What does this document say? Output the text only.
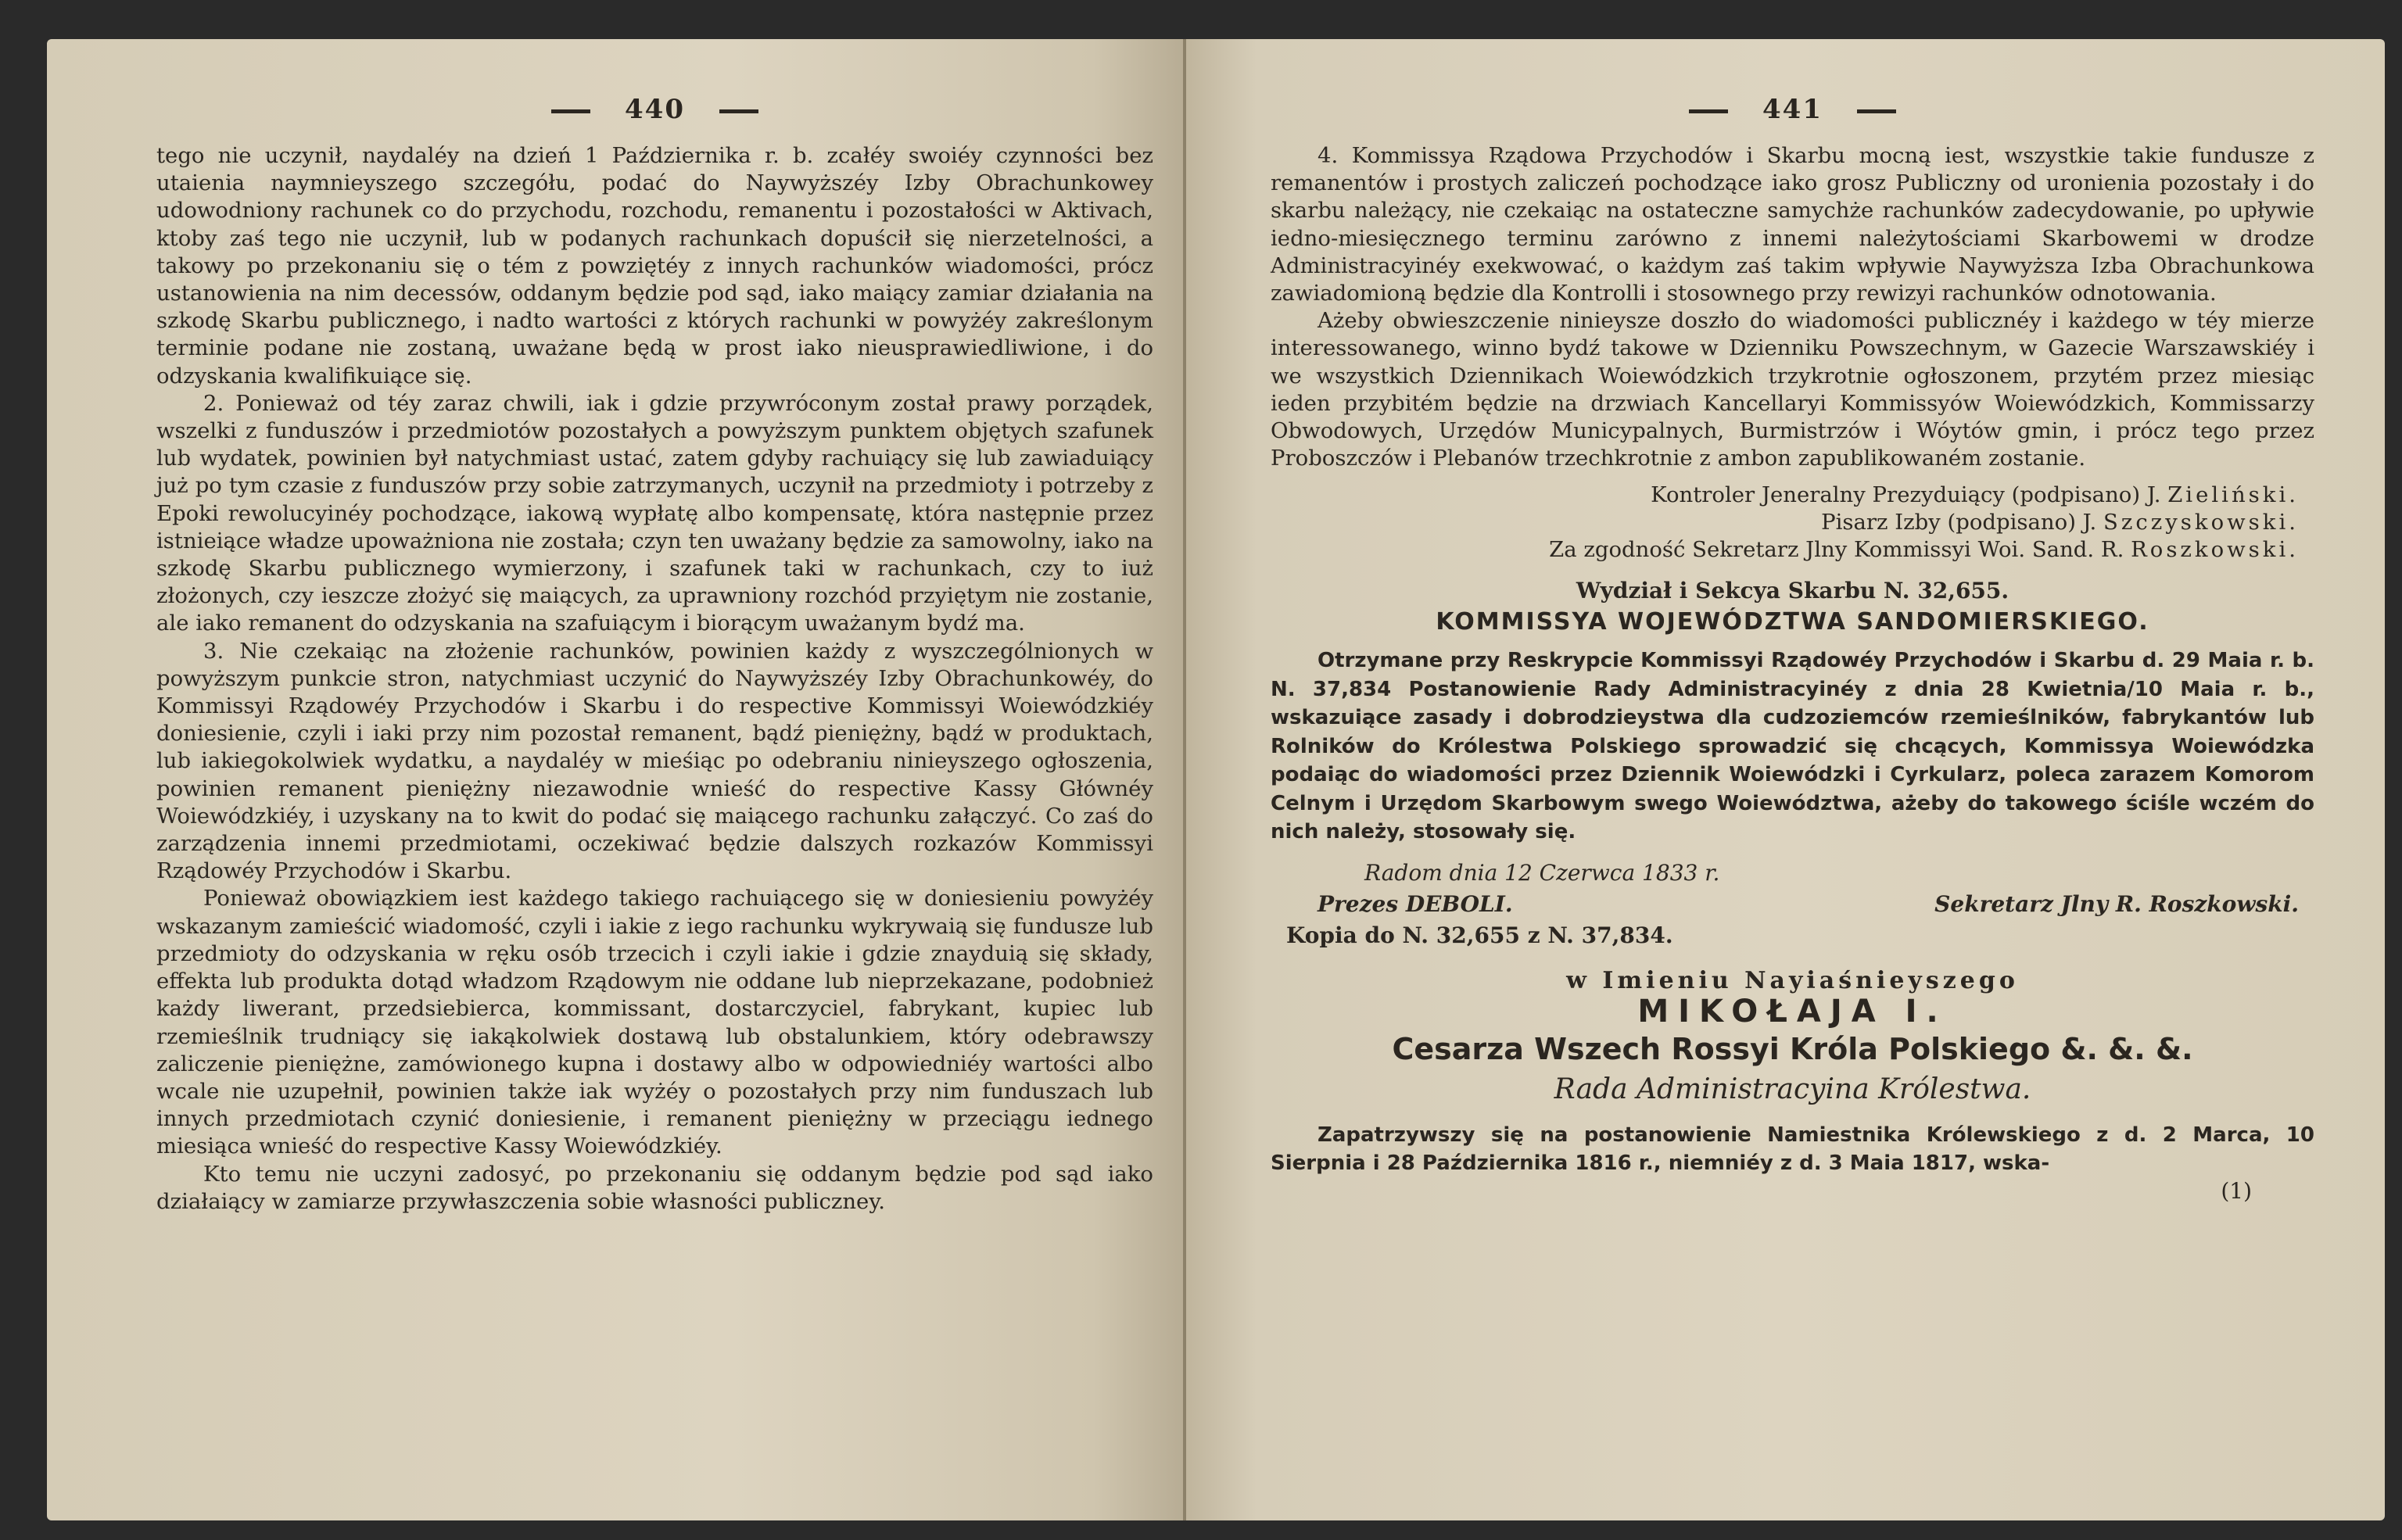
440

tego nie uczynił, naydaléy na dzień 1 Października r. b. zcałéy swoiéy czynności bez utaienia naymnieyszego szczegółu, podać do Naywyższéy Izby Obrachunkowey udowodniony rachunek co do przychodu, rozchodu, remanentu i pozostałości w Aktivach, ktoby zaś tego nie uczynił, lub w podanych rachunkach dopuścił się nierzetelności, a takowy po przekonaniu się o tém z powziętéy z innych rachunków wiadomości, prócz ustanowienia na nim decessów, oddanym będzie pod sąd, iako maiący zamiar działania na szkodę Skarbu publicznego, i nadto wartości z których rachunki w powyżéy zakreślonym terminie podane nie zostaną, uważane będą w prost iako nieusprawiedliwione, i do odzyskania kwalifikuiące się.

2. Ponieważ od téy zaraz chwili, iak i gdzie przywróconym został prawy porządek, wszelki z funduszów i przedmiotów pozostałych a powyższym punktem objętych szafunek lub wydatek, powinien był natychmiast ustać, zatem gdyby rachuiący się lub zawiaduiący już po tym czasie z funduszów przy sobie zatrzymanych, uczynił na przedmioty i potrzeby z Epoki rewolucyinéy pochodzące, iakową wypłatę albo kompensatę, która następnie przez istnieiące władze upoważniona nie została; czyn ten uważany będzie za samowolny, iako na szkodę Skarbu publicznego wymierzony, i szafunek taki w rachunkach, czy to iuż złożonych, czy ieszcze złożyć się maiących, za uprawniony rozchód przyiętym nie zostanie, ale iako remanent do odzyskania na szafuiącym i biorącym uważanym bydź ma.

3. Nie czekaiąc na złożenie rachunków, powinien każdy z wyszczególnionych w powyższym punkcie stron, natychmiast uczynić do Naywyższéy Izby Obrachunkowéy, do Kommissyi Rządowéy Przychodów i Skarbu i do respective Kommissyi Woiewódzkiéy doniesienie, czyli i iaki przy nim pozostał remanent, bądź pieniężny, bądź w produktach, lub iakiegokolwiek wydatku, a naydaléy w mieśiąc po odebraniu ninieyszego ogłoszenia, powinien remanent pieniężny niezawodnie wnieść do respective Kassy Głównéy Woiewódzkiéy, i uzyskany na to kwit do podać się maiącego rachunku załączyć. Co zaś do zarządzenia innemi przedmiotami, oczekiwać będzie dalszych rozkazów Kommissyi Rządowéy Przychodów i Skarbu.

Ponieważ obowiązkiem iest każdego takiego rachuiącego się w doniesieniu powyżéy wskazanym zamieścić wiadomość, czyli i iakie z iego rachunku wykrywaią się fundusze lub przedmioty do odzyskania w ręku osób trzecich i czyli iakie i gdzie znayduią się składy, effekta lub produkta dotąd władzom Rządowym nie oddane lub nieprzekazane, podobnież każdy liwerant, przedsiebierca, kommissant, dostarczyciel, fabrykant, kupiec lub rzemieślnik trudniący się iakąkolwiek dostawą lub obstalunkiem, który odebrawszy zaliczenie pieniężne, zamówionego kupna i dostawy albo w odpowiedniéy wartości albo wcale nie uzupełnił, powinien także iak wyżéy o pozostałych przy nim funduszach lub innych przedmiotach czynić doniesienie, i remanent pieniężny w przeciągu iednego miesiąca wnieść do respective Kassy Woiewódzkiéy.

Kto temu nie uczyni zadosyć, po przekonaniu się oddanym będzie pod sąd iako działaiący w zamiarze przywłaszczenia sobie własności publiczney.

441

4. Kommissya Rządowa Przychodów i Skarbu mocną iest, wszystkie takie fundusze z remanentów i prostych zaliczeń pochodzące iako grosz Publiczny od uronienia pozostały i do skarbu należący, nie czekaiąc na ostateczne samychże rachunków zadecydowanie, po upływie iedno-miesięcznego terminu zarówno z innemi należytościami Skarbowemi w drodze Administracyinéy exekwować, o każdym zaś takim wpływie Naywyższa Izba Obrachunkowa zawiadomioną będzie dla Kontrolli i stosownego przy rewizyi rachunków odnotowania.

Ażeby obwieszczenie ninieysze doszło do wiadomości publicznéy i każdego w téy mierze interessowanego, winno bydź takowe w Dzienniku Powszechnym, w Gazecie Warszawskiéy i we wszystkich Dziennikach Woiewódzkich trzykrotnie ogłoszonem, przytém przez miesiąc ieden przybitém będzie na drzwiach Kancellaryi Kommissyów Woiewódzkich, Kommissarzy Obwodowych, Urzędów Municypalnych, Burmistrzów i Wóytów gmin, i prócz tego przez Proboszczów i Plebanów trzechkrotnie z ambon zapublikowaném zostanie.

Kontroler Jeneralny Prezyduiący (podpisano) J. Zieliński.
Pisarz Izby (podpisano) J. Szczyskowski.
Za zgodność Sekretarz Jlny Kommissyi Woi. Sand. R. Roszkowski.
Wydział i Sekcya Skarbu N. 32,655.
KOMMISSYA WOJEWÓDZTWA SANDOMIERSKIEGO.

Otrzymane przy Reskrypcie Kommissyi Rządowéy Przychodów i Skarbu d. 29 Maia r. b. N. 37,834 Postanowienie Rady Administracyinéy z dnia 28 Kwietnia/10 Maia r. b., wskazuiące zasady i dobrodzieystwa dla cudzoziemców rzemieślników, fabrykantów lub Rolników do Królestwa Polskiego sprowadzić się chcących, Kommissya Woiewódzka podaiąc do wiadomości przez Dziennik Woiewódzki i Cyrkularz, poleca zarazem Komorom Celnym i Urzędom Skarbowym swego Woiewództwa, ażeby do takowego ściśle wczém do nich należy, stosowały się.

Radom dnia 12 Czerwca 1833 r.
Prezes DEBOLI.	Sekretarz Jlny R. Roszkowski.
Kopia do N. 32,655 z N. 37,834.
w Imieniu Nayiaśnieyszego
MIKOŁAJA I.
Cesarza Wszech Rossyi Króla Polskiego &. &. &.
Rada Administracyina Królestwa.

Zapatrzywszy się na postanowienie Namiestnika Królewskiego z d. 2 Marca, 10 Sierpnia i 28 Października 1816 r., niemniéy z d. 3 Maia 1817, wska-

(1)
